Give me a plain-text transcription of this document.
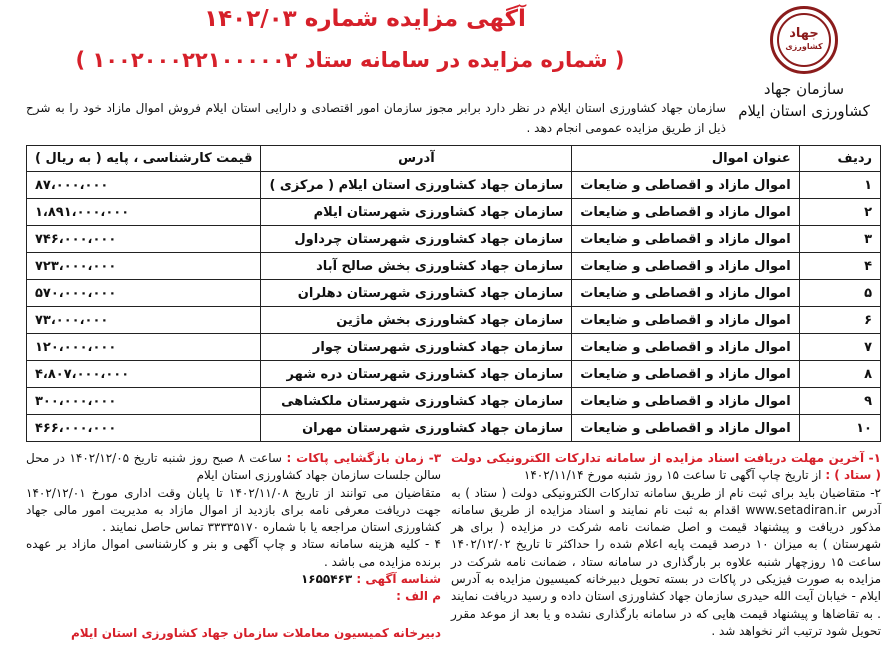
آگهی مزایده شماره ۱۴۰۲/۰۳
( شماره مزایده در سامانه ستاد ۱۰۰۲۰۰۰۲۲۱۰۰۰۰۰۲ )
جهاد
کشاورزی
سازمان جهاد
کشاورزی استان ایلام
سازمان جهاد کشاورزی استان ایلام در نظر دارد برابر مجوز سازمان امور اقتصادی و دارایی استان ایلام فروش اموال مازاد خود را به شرح ذیل از طریق مزایده عمومی انجام دهد .
ردیف	عنوان اموال	آدرس	قیمت کارشناسی ، پایه ( به ریال )
۱	اموال مازاد و اقصاطی و ضایعات	سازمان جهاد کشاورزی استان ایلام ( مرکزی )	۸۷،۰۰۰،۰۰۰
۲	اموال مازاد و اقصاطی و ضایعات	سازمان جهاد کشاورزی شهرستان ایلام	۱،۸۹۱،۰۰۰،۰۰۰
۳	اموال مازاد و اقصاطی و ضایعات	سازمان جهاد کشاورزی شهرستان چرداول	۷۴۶،۰۰۰،۰۰۰
۴	اموال مازاد و اقصاطی و ضایعات	سازمان جهاد کشاورزی بخش صالح آباد	۷۲۳،۰۰۰،۰۰۰
۵	اموال مازاد و اقصاطی و ضایعات	سازمان جهاد کشاورزی شهرستان دهلران	۵۷۰،۰۰۰،۰۰۰
۶	اموال مازاد و اقصاطی و ضایعات	سازمان جهاد کشاورزی بخش ماژین	۷۳،۰۰۰،۰۰۰
۷	اموال مازاد و اقصاطی و ضایعات	سازمان جهاد کشاورزی شهرستان چوار	۱۲۰،۰۰۰،۰۰۰
۸	اموال مازاد و اقصاطی و ضایعات	سازمان جهاد کشاورزی شهرستان دره شهر	۴،۸۰۷،۰۰۰،۰۰۰
۹	اموال مازاد و اقصاطی و ضایعات	سازمان جهاد کشاورزی شهرستان ملکشاهی	۳۰۰،۰۰۰،۰۰۰
۱۰	اموال مازاد و اقصاطی و ضایعات	سازمان جهاد کشاورزی شهرستان مهران	۴۶۶،۰۰۰،۰۰۰

۱- آخرین مهلت دریافت اسناد مزایده از سامانه تدارکات الکترونیکی دولت ( ستاد ) : از تاریخ چاپ آگهی تا ساعت ۱۵ روز شنبه مورخ ۱۴۰۲/۱۱/۱۴

۲- متقاضیان باید برای ثبت نام از طریق سامانه تدارکات الکترونیکی دولت ( ستاد ) به آدرس www.setadiran.ir اقدام به ثبت نام نمایند و اسناد مزایده از طریق سامانه مذکور دریافت و پیشنهاد قیمت و اصل ضمانت نامه شرکت در مزایده ( برای هر شهرستان ) به میزان ۱۰ درصد قیمت پایه اعلام شده را حداکثر تا تاریخ ۱۴۰۲/۱۲/۰۲ ساعت ۱۵ روزچهار شنبه علاوه بر بارگذاری در سامانه ستاد ، ضمانت نامه شرکت در مزایده به صورت فیزیکی در پاکات در بسته تحویل دبیرخانه کمیسیون مزایده به آدرس ایلام - خیابان آیت الله حیدری سازمان جهاد کشاورزی استان داده و رسید دریافت نمایند . به تقاضاها و پیشنهاد قیمت هایی که در سامانه بارگذاری نشده و یا بعد از موعد مقرر تحویل شود ترتیب اثر نخواهد شد .

۳- زمان بازگشایی پاکات : ساعت ۸ صبح روز شنبه تاریخ ۱۴۰۲/۱۲/۰۵ در محل سالن جلسات سازمان جهاد کشاورزی استان ایلام

متقاضیان می توانند از تاریخ ۱۴۰۲/۱۱/۰۸ تا پایان وقت اداری مورخ ۱۴۰۲/۱۲/۰۱ جهت دریافت معرفی نامه برای بازدید از اموال مازاد به مدیریت امور مالی جهاد کشاورزی استان مراجعه یا با شماره ۳۳۳۳۵۱۷۰ تماس حاصل نمایند .

۴ - کلیه هزینه سامانه ستاد و چاپ آگهی و بنر و کارشناسی اموال مازاد بر عهده برنده مزایده می باشد .

شناسه آگهی : ۱۶۵۵۴۶۳

م الف :

دبیرخانه کمیسیون معاملات سازمان جهاد کشاورزی استان ایلام
